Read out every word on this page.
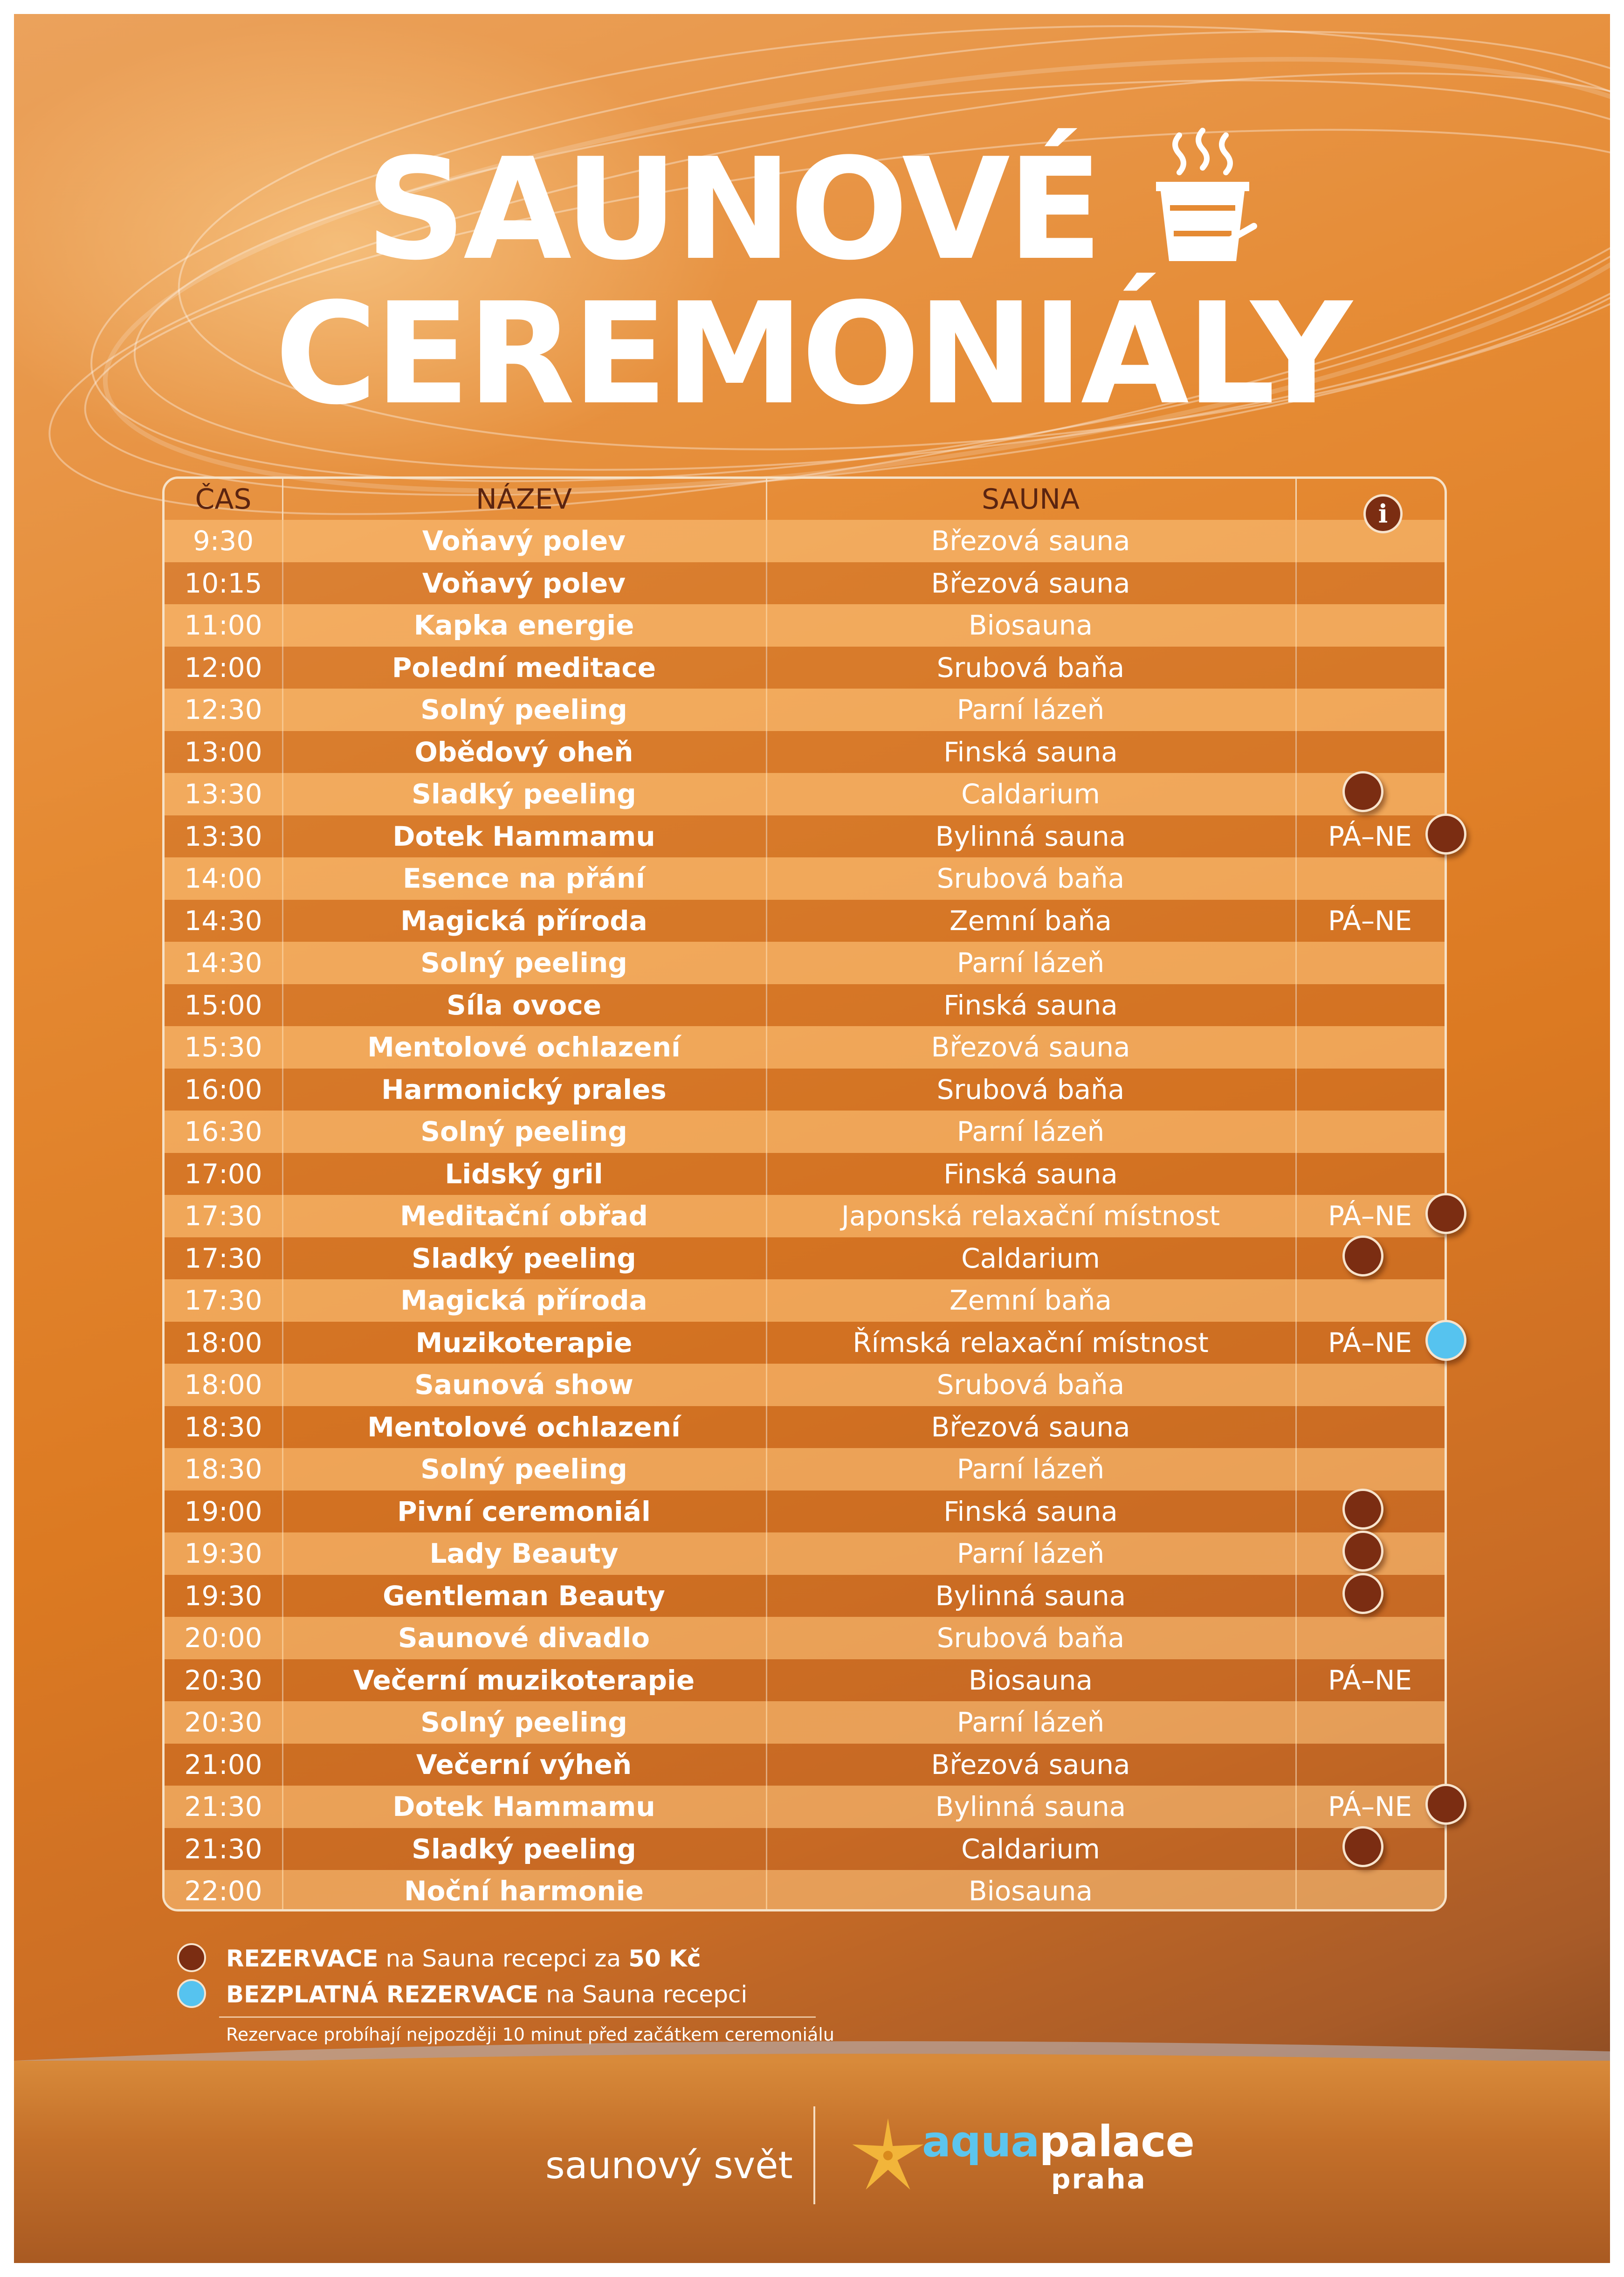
SAUNOVÉ
CEREMONIÁLY
ČAS	NÁZEV	SAUNA
9:30	Voňavý polev	Březová sauna
10:15	Voňavý polev	Březová sauna
11:00	Kapka energie	Biosauna
12:00	Polední meditace	Srubová baňa
12:30	Solný peeling	Parní lázeň
13:00	Obědový oheň	Finská sauna
13:30	Sladký peeling	Caldarium
13:30	Dotek Hammamu	Bylinná sauna	PÁ–NE
14:00	Esence na přání	Srubová baňa
14:30	Magická příroda	Zemní baňa	PÁ–NE
14:30	Solný peeling	Parní lázeň
15:00	Síla ovoce	Finská sauna
15:30	Mentolové ochlazení	Březová sauna
16:00	Harmonický prales	Srubová baňa
16:30	Solný peeling	Parní lázeň
17:00	Lidský gril	Finská sauna
17:30	Meditační obřad	Japonská relaxační místnost	PÁ–NE
17:30	Sladký peeling	Caldarium
17:30	Magická příroda	Zemní baňa
18:00	Muzikoterapie	Římská relaxační místnost	PÁ–NE
18:00	Saunová show	Srubová baňa
18:30	Mentolové ochlazení	Březová sauna
18:30	Solný peeling	Parní lázeň
19:00	Pivní ceremoniál	Finská sauna
19:30	Lady Beauty	Parní lázeň
19:30	Gentleman Beauty	Bylinná sauna
20:00	Saunové divadlo	Srubová baňa
20:30	Večerní muzikoterapie	Biosauna	PÁ–NE
20:30	Solný peeling	Parní lázeň
21:00	Večerní výheň	Březová sauna
21:30	Dotek Hammamu	Bylinná sauna	PÁ–NE
21:30	Sladký peeling	Caldarium
22:00	Noční harmonie	Biosauna
i
REZERVACE na Sauna recepci za 50 Kč
BEZPLATNÁ REZERVACE na Sauna recepci
Rezervace probíhají nejpozději 10 minut před začátkem ceremoniálu
saunový svět	aquapalace
praha
